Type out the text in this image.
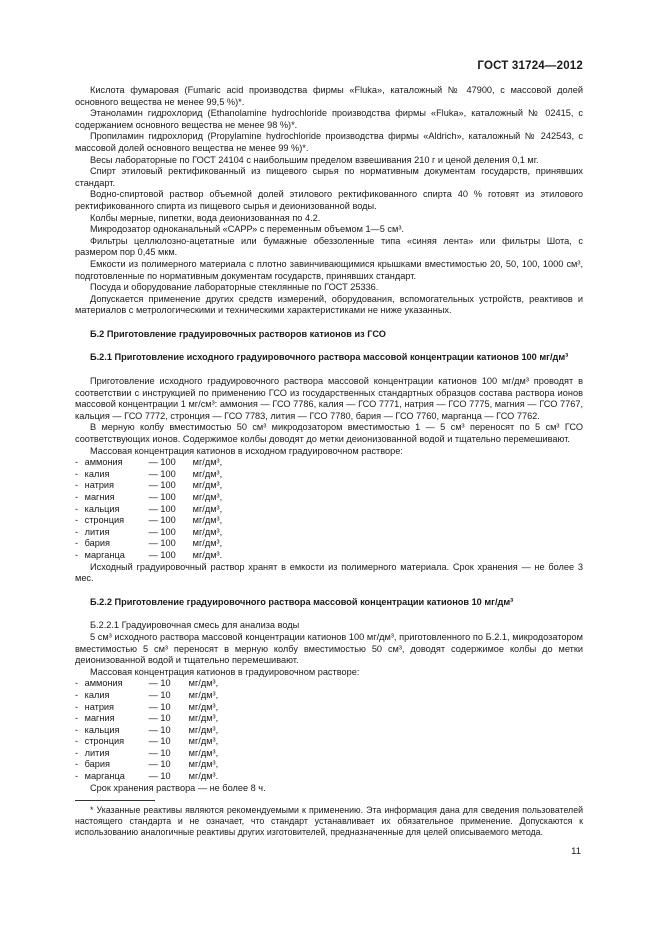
ГОСТ 31724—2012

Кислота фумаровая (Fumaric acid производства фирмы «Fluka», каталожный № 47900, с массовой долей основного вещества не менее 99,5 %)*.

Этаноламин гидрохлорид (Ethanolamine hydrochloride производства фирмы «Fluka», каталожный № 02415, с содержанием основного вещества не менее 98 %)*.

Пропиламин гидрохлорид (Propylamine hydrochloride производства фирмы «Aldrich», каталожный № 242543, с массовой долей основного вещества не менее 99 %)*.

Весы лабораторные по ГОСТ 24104 с наибольшим пределом взвешивания 210 г и ценой деления 0,1 мг.

Спирт этиловый ректификованный из пищевого сырья по нормативным документам государств, принявших стандарт.

Водно-спиртовой раствор объемной долей этилового ректификованного спирта 40 % готовят из этилового ректификованного спирта из пищевого сырья и деионизованной воды.

Колбы мерные, пипетки, вода деионизованная по 4.2.

Микродозатор одноканальный «САРР» с переменным объемом 1—5 см³.

Фильтры целлюлозно-ацетатные или бумажные обеззоленные типа «синяя лента» или фильтры Шота, с размером пор 0,45 мкм.

Емкости из полимерного материала с плотно завинчивающимися крышками вместимостью 20, 50, 100, 1000 см³, подготовленные по нормативным документам государств, принявших стандарт.

Посуда и оборудование лабораторные стеклянные по ГОСТ 25336.

Допускается применение других средств измерений, оборудования, вспомогательных устройств, реактивов и материалов с метрологическими и техническими характеристиками не ниже указанных.

Б.2 Приготовление градуировочных растворов катионов из ГСО
Б.2.1 Приготовление исходного градуировочного раствора массовой концентрации катионов 100 мг/дм³

Приготовление исходного градуировочного раствора массовой концентрации катионов 100 мг/дм³ проводят в соответствии с инструкцией по применению ГСО из государственных стандартных образцов состава раствора ионов массовой концентрации 1 мг/см³: аммония — ГСО 7786, калия — ГСО 7771, натрия — ГСО 7775, магния — ГСО 7767, кальция — ГСО 7772, стронция — ГСО 7783, лития — ГСО 7780, бария — ГСО 7760, марганца — ГСО 7762.

В мерную колбу вместимостью 50 см³ микродозатором вместимостью 1 — 5 см³ переносят по 5 см³ ГСО соответствующих ионов. Содержимое колбы доводят до метки деионизованной водой и тщательно перемешивают.

Массовая концентрация катионов в исходном градуировочном растворе:

- аммония	— 100 мг/дм³,
- калия	— 100 мг/дм³,
- натрия	— 100 мг/дм³,
- магния	— 100 мг/дм³,
- кальция	— 100 мг/дм³,
- стронция	— 100 мг/дм³,
- лития	— 100 мг/дм³,
- бария	— 100 мг/дм³,
- марганца	— 100 мг/дм³.

Исходный градуировочный раствор хранят в емкости из полимерного материала. Срок хранения — не более 3 мес.

Б.2.2 Приготовление градуировочного раствора массовой концентрации катионов 10 мг/дм³

Б.2.2.1 Градуировочная смесь для анализа воды

5 см³ исходного раствора массовой концентрации катионов 100 мг/дм³, приготовленного по Б.2.1, микродозатором вместимостью 5 см³ переносят в мерную колбу вместимостью 50 см³, доводят содержимое колбы до метки деионизованной водой и тщательно перемешивают.

Массовая концентрация катионов в градуировочном растворе:

- аммония	— 10 мг/дм³,
- калия	— 10 мг/дм³,
- натрия	— 10 мг/дм³,
- магния	— 10 мг/дм³,
- кальция	— 10 мг/дм³,
- стронция	— 10 мг/дм³,
- лития	— 10 мг/дм³,
- бария	— 10 мг/дм³,
- марганца	— 10 мг/дм³.

Срок хранения раствора — не более 8 ч.

* Указанные реактивы являются рекомендуемыми к применению. Эта информация дана для сведения пользователей настоящего стандарта и не означает, что стандарт устанавливает их обязательное применение. Допускаются к использованию аналогичные реактивы других изготовителей, предназначенные для целей описываемого метода.

11
